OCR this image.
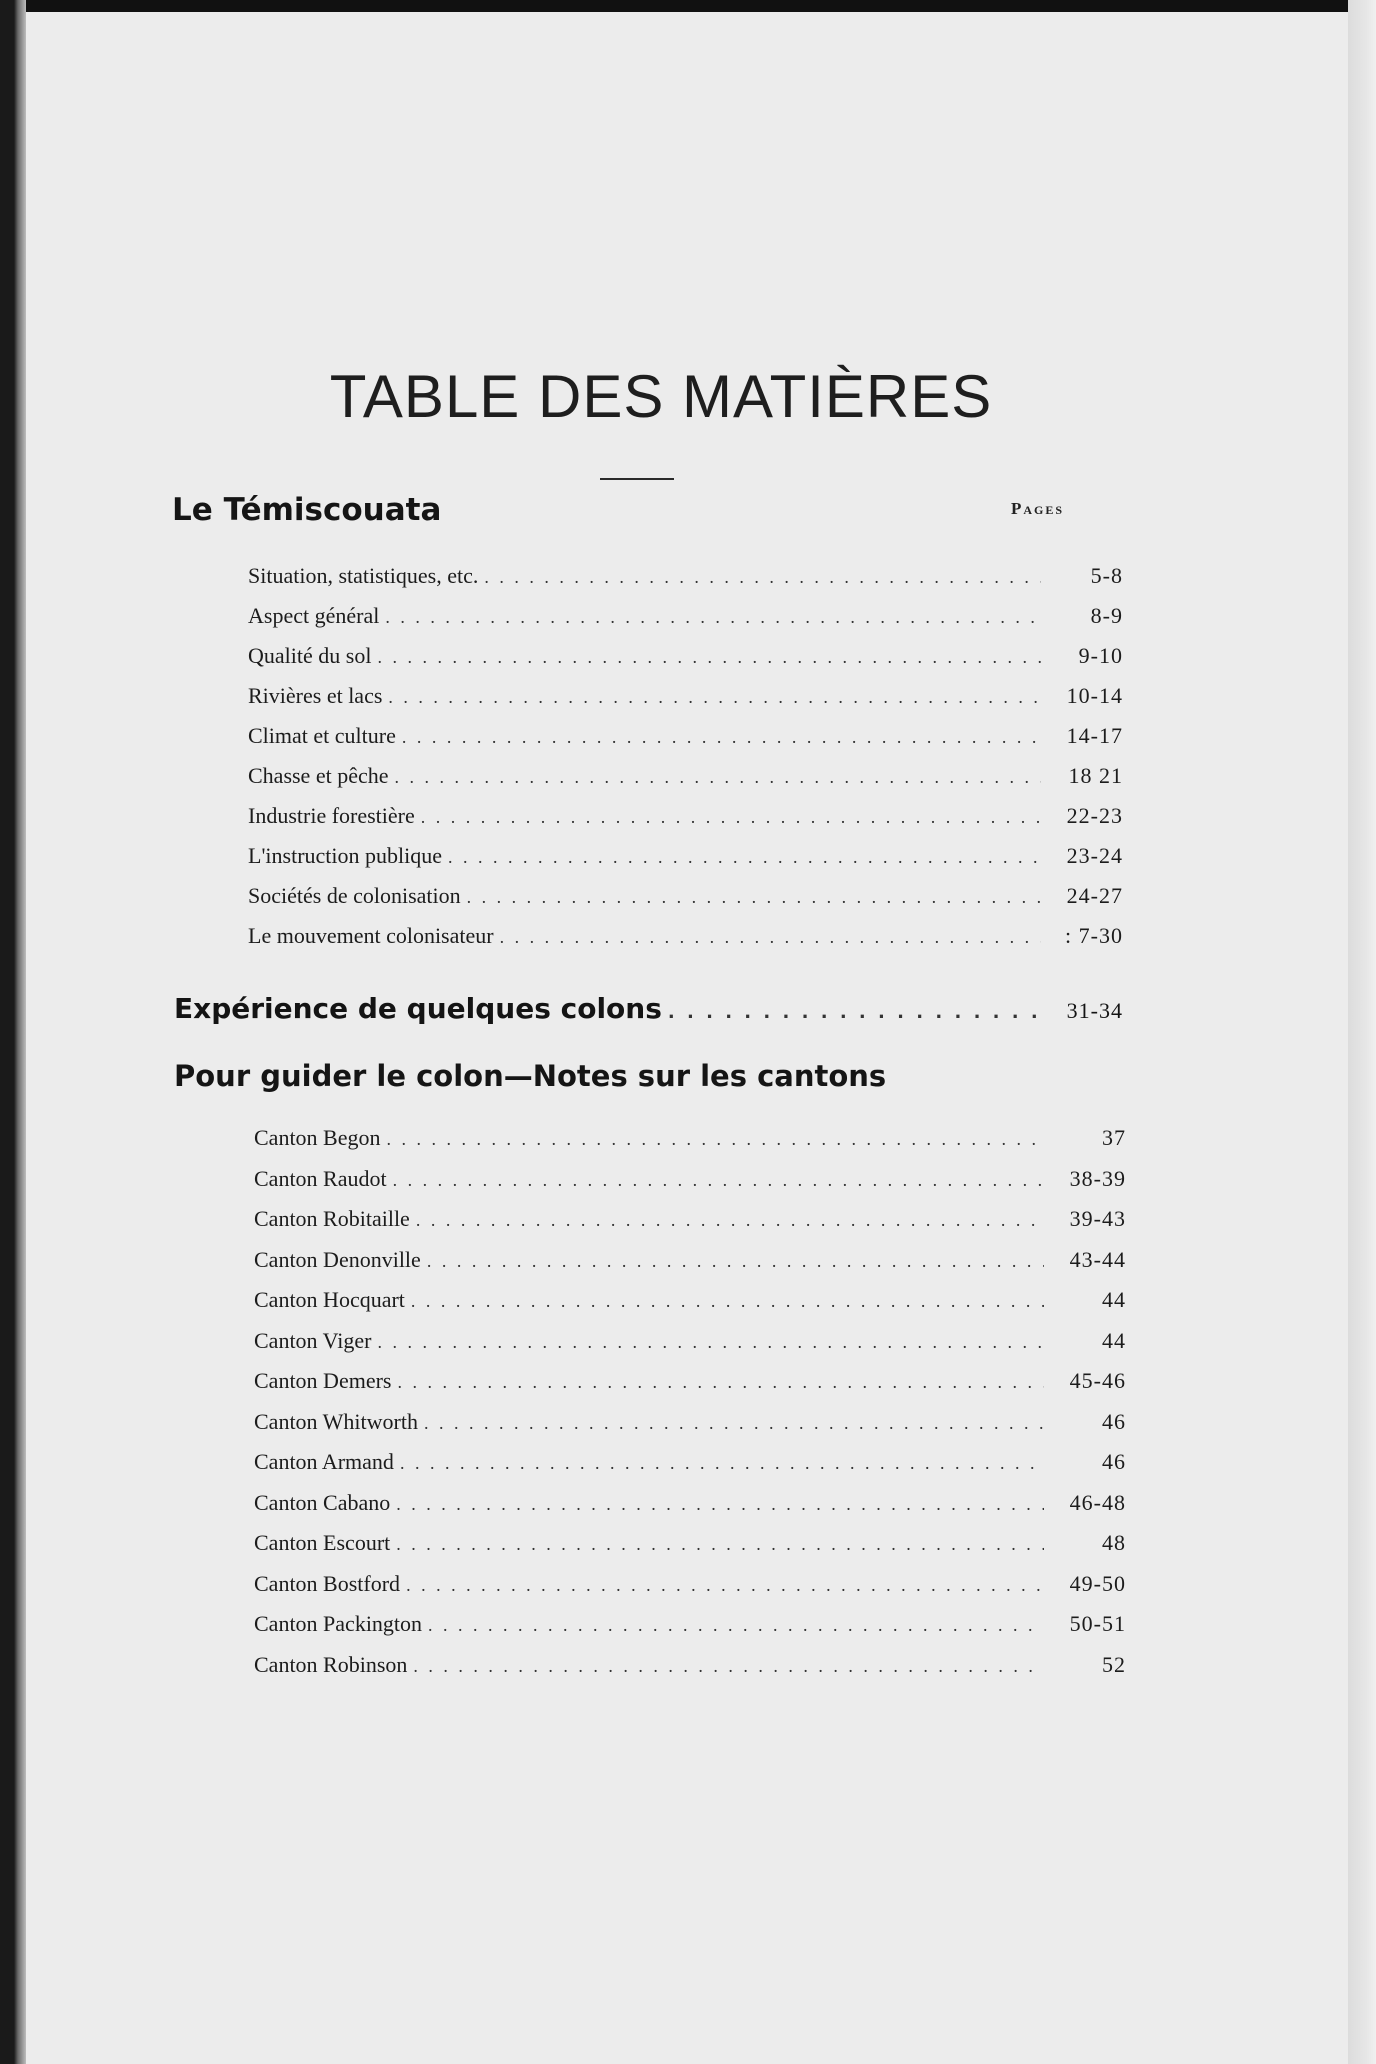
TABLE DES MATIÈRES
Le Témiscouata	Pages
Situation, statistiques, etc. . . .	5-8
Aspect général . . .	8-9
Qualité du sol . . .	9-10
Rivières et lacs . . .	10-14
Climat et culture . . .	14-17
Chasse et pêche . . .	18 21
Industrie forestière . . .	22-23
L'instruction publique . . .	23-24
Sociétés de colonisation . . .	24-27
Le mouvement colonisateur . . .	: 7-30
Expérience de quelques colons . . .	31-34
Pour guider le colon—Notes sur les cantons
Canton Begon . . .	37
Canton Raudot . . .	38-39
Canton Robitaille . . .	39-43
Canton Denonville . . .	43-44
Canton Hocquart . . .	44
Canton Viger . . .	44
Canton Demers . . .	45-46
Canton Whitworth . . .	46
Canton Armand . . .	46
Canton Cabano . . .	46-48
Canton Escourt . . .	48
Canton Bostford . . .	49-50
Canton Packington . . .	50-51
Canton Robinson . . .	52
